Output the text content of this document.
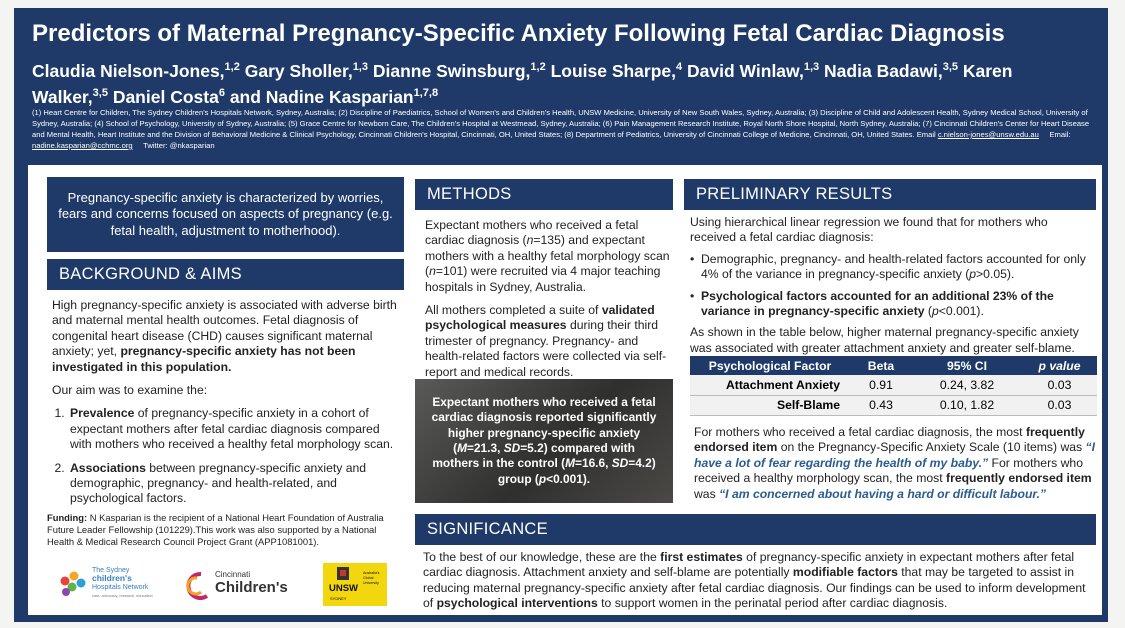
Predictors of Maternal Pregnancy-Specific Anxiety Following Fetal Cardiac Diagnosis
Claudia Nielson-Jones,$^{1,2}$ Gary Sholler,$^{1,3}$ Dianne Swinsburg,$^{1,2}$ Louise Sharpe,$^4$ David Winlaw,$^{1,3}$ Nadia Badawi,$^{3,5}$ Karen Walker,$^{3,5}$ Daniel Costa$^6$ and Nadine Kasparian$^{1,7,8}$
(1) Heart Centre for Children, The Sydney Children's Hospitals Network, Sydney, Australia; (2) Discipline of Paediatrics, School of Women's and Children's Health, UNSW Medicine, University of New South Wales, Sydney, Australia; (3) Discipline of Child and Adolescent Health, Sydney Medical School, University of Sydney, Australia; (4) School of Psychology, University of Sydney, Australia; (5) Grace Centre for Newborn Care, The Children's Hospital at Westmead, Sydney, Australia; (6) Pain Management Research Institute, Royal North Shore Hospital, North Sydney, Australia; (7) Cincinnati Children's Center for Heart Disease and Mental Health, Heart Institute and the Division of Behavioral Medicine & Clinical Psychology, Cincinnati Children's Hospital, Cincinnati, OH, United States; (8) Department of Pediatrics, University of Cincinnati College of Medicine, Cincinnati, OH, United States. Email c.nielson-jones@unsw.edu.au Email: nadine.kasparian@cchmc.org Twitter: @nkasparian
Pregnancy-specific anxiety is characterized by worries, fears and concerns focused on aspects of pregnancy (e.g. fetal health, adjustment to motherhood).
BACKGROUND & AIMS

High pregnancy-specific anxiety is associated with adverse birth and maternal mental health outcomes. Fetal diagnosis of congenital heart disease (CHD) causes significant maternal anxiety; yet, pregnancy-specific anxiety has not been investigated in this population.

Our aim was to examine the:

1. Prevalence of pregnancy-specific anxiety in a cohort of expectant mothers after fetal cardiac diagnosis compared with mothers who received a healthy fetal morphology scan.
2. Associations between pregnancy-specific anxiety and demographic, pregnancy- and health-related, and psychological factors.
Funding: N Kasparian is the recipient of a National Heart Foundation of Australia Future Leader Fellowship (101229).This work was also supported by a National Health & Medical Research Council Project Grant (APP1081001).
The Sydney
children's
Hospitals Network
care, advocacy, research, education
Cincinnati
Children's	UNSW
SYDNEY
Australia's
Global
University
METHODS

Expectant mothers who received a fetal cardiac diagnosis (n=135) and expectant mothers with a healthy fetal morphology scan (n=101) were recruited via 4 major teaching hospitals in Sydney, Australia.

All mothers completed a suite of validated psychological measures during their third trimester of pregnancy. Pregnancy- and health-related factors were collected via self-report and medical records.

Expectant mothers who received a fetal cardiac diagnosis reported significantly higher pregnancy-specific anxiety (M=21.3, SD=5.2) compared with mothers in the control (M=16.6, SD=4.2) group (p<0.001).
PRELIMINARY RESULTS

Using hierarchical linear regression we found that for mothers who received a fetal cardiac diagnosis:

• Demographic, pregnancy- and health-related factors accounted for only 4% of the variance in pregnancy-specific anxiety (p>0.05).
• Psychological factors accounted for an additional 23% of the variance in pregnancy-specific anxiety (p<0.001).

As shown in the table below, higher maternal pregnancy-specific anxiety was associated with greater attachment anxiety and greater self-blame.

Psychological Factor	Beta	95% CI	p value
Attachment Anxiety	0.91	0.24, 3.82	0.03
Self-Blame	0.43	0.10, 1.82	0.03

For mothers who received a fetal cardiac diagnosis, the most frequently endorsed item on the Pregnancy-Specific Anxiety Scale (10 items) was “I have a lot of fear regarding the health of my baby.” For mothers who received a healthy morphology scan, the most frequently endorsed item was “I am concerned about having a hard or difficult labour.”

SIGNIFICANCE

To the best of our knowledge, these are the first estimates of pregnancy-specific anxiety in expectant mothers after fetal cardiac diagnosis. Attachment anxiety and self-blame are potentially modifiable factors that may be targeted to assist in reducing maternal pregnancy-specific anxiety after fetal cardiac diagnosis. Our findings can be used to inform development of psychological interventions to support women in the perinatal period after cardiac diagnosis.
